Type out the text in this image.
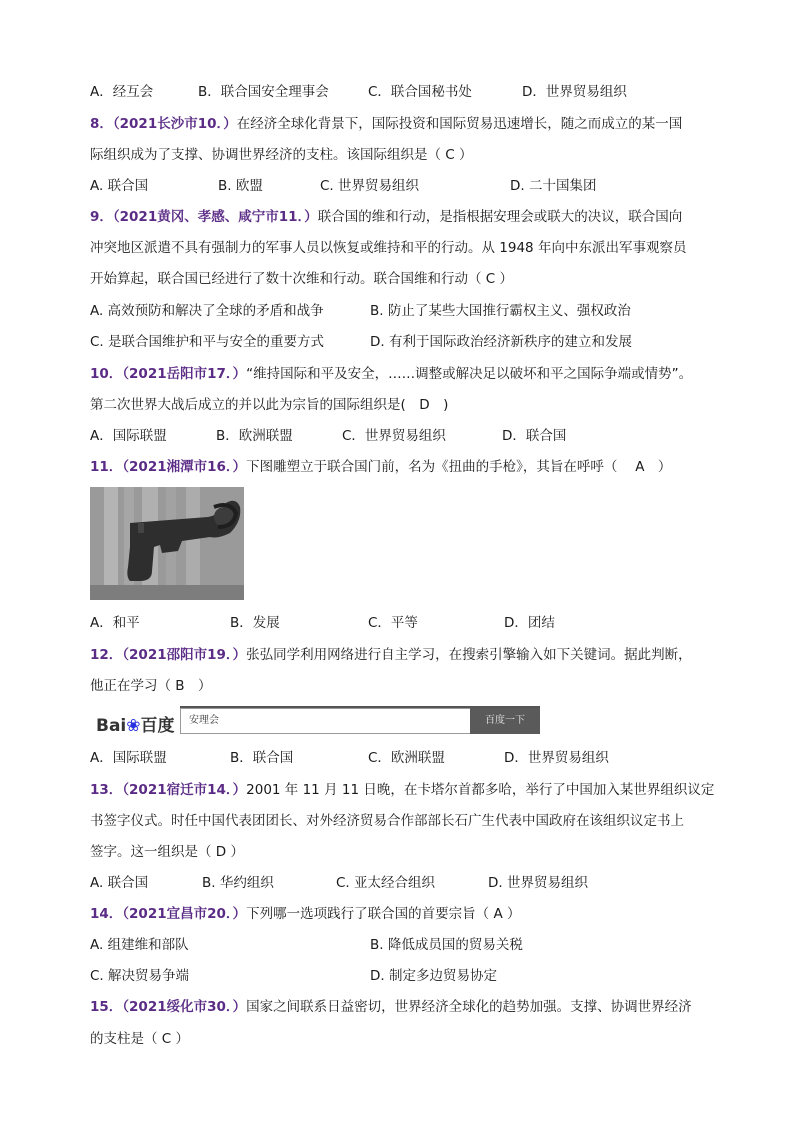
A．经互会	B．联合国安全理事会	C．联合国秘书处	D．世界贸易组织
8．（2021长沙市10．）在经济全球化背景下，国际投资和国际贸易迅速增长，随之而成立的某一国
际组织成为了支撑、协调世界经济的支柱。该国际组织是（ C ）
A. 联合国	B. 欧盟	C. 世界贸易组织	D. 二十国集团
9．（2021黄冈、孝感、咸宁市11．）联合国的维和行动，是指根据安理会或联大的决议，联合国向
冲突地区派遣不具有强制力的军事人员以恢复或维持和平的行动。从 1948 年向中东派出军事观察员
开始算起，联合国已经进行了数十次维和行动。联合国维和行动（ C ）
A. 高效预防和解决了全球的矛盾和战争	B. 防止了某些大国推行霸权主义、强权政治
C. 是联合国维护和平与安全的重要方式	D. 有利于国际政治经济新秩序的建立和发展
10．（2021岳阳市17．）“维持国际和平及安全，……调整或解决足以破坏和平之国际争端或情势”。
第二次世界大战后成立的并以此为宗旨的国际组织是(　D　)
A．国际联盟	B．欧洲联盟	C．世界贸易组织	D．联合国
11．（2021湘潭市16．）下图雕塑立于联合国门前，名为《扭曲的手枪》，其旨在呼呼（　 A　）
A．和平	B．发展	C．平等	D．团结
12．（2021邵阳市19．）张弘同学利用网络进行自主学习，在搜索引擎输入如下关键词。据此判断，
他正在学习（ B　）
Bai❀百度	安理会	百度一下
A．国际联盟	B．联合国	C．欧洲联盟	D．世界贸易组织
13．（2021宿迁市14．）2001 年 11 月 11 日晚，在卡塔尔首都多哈，举行了中国加入某世界组织议定
书签字仪式。时任中国代表团团长、对外经济贸易合作部部长石广生代表中国政府在该组织议定书上
签字。这一组织是（ D ）
A. 联合国	B. 华约组织	C. 亚太经合组织	D. 世界贸易组织
14．（2021宜昌市20．）下列哪一选项践行了联合国的首要宗旨（ A ）
A. 组建维和部队	B. 降低成员国的贸易关税
C. 解决贸易争端	D. 制定多边贸易协定
15．（2021绥化市30．）国家之间联系日益密切，世界经济全球化的趋势加强。支撑、协调世界经济
的支柱是（ C ）
